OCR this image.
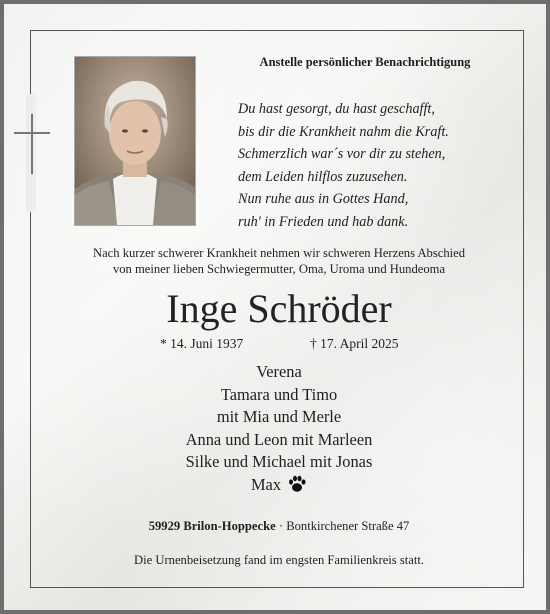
Anstelle persönlicher Benachrichtigung
Du hast gesorgt, du hast geschafft,
bis dir die Krankheit nahm die Kraft.
Schmerzlich war´s vor dir zu stehen,
dem Leiden hilflos zuzusehen.
Nun ruhe aus in Gottes Hand,
ruh' in Frieden und hab dank.
Nach kurzer schwerer Krankheit nehmen wir schweren Herzens Abschied
von meiner lieben Schwiegermutter, Oma, Uroma und Hundeoma
Inge Schröder
* 14. Juni 1937	† 17. April 2025
Verena
Tamara und Timo
mit Mia und Merle
Anna und Leon mit Marleen
Silke und Michael mit Jonas
Max
59929 Brilon-Hoppecke · Bontkirchener Straße 47
Die Urnenbeisetzung fand im engsten Familienkreis statt.
